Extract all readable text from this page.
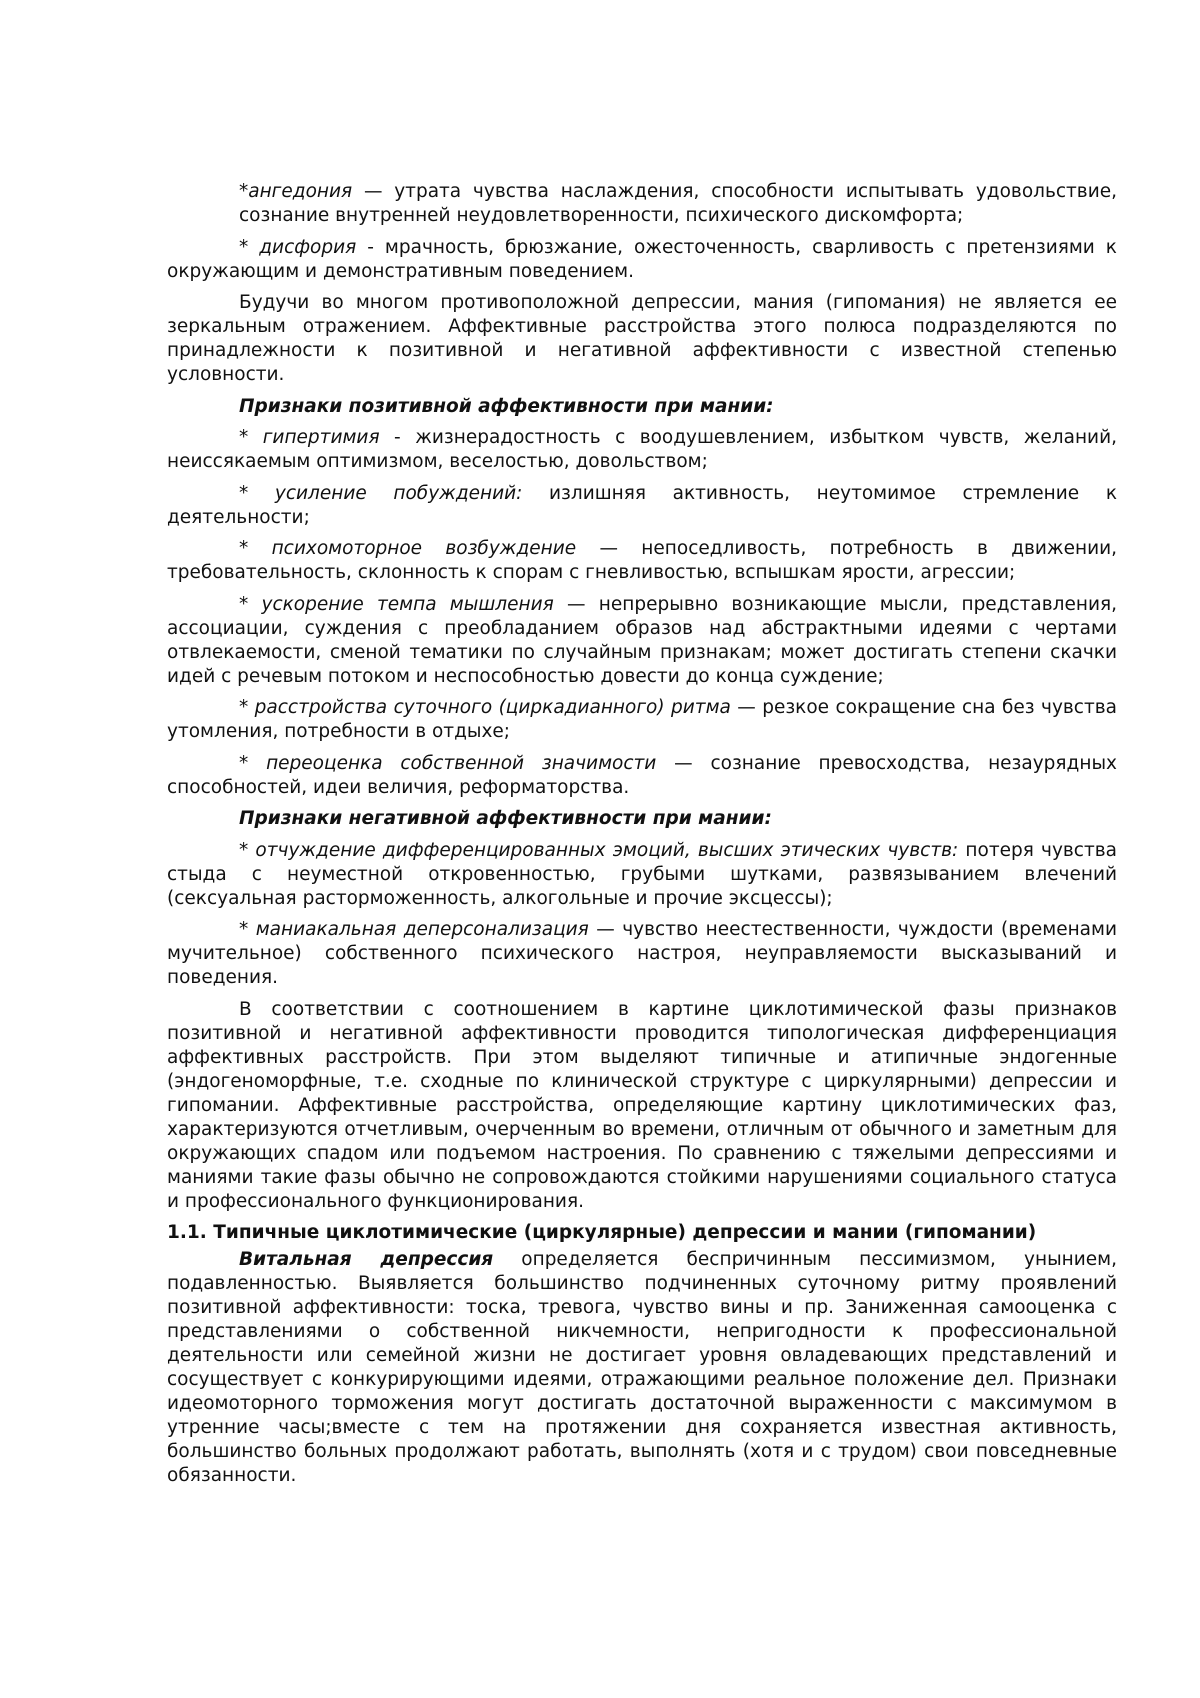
*ангедония — утрата чувства наслаждения, способности испытывать удовольствие, сознание внутренней неудовлетворенности, психического дискомфорта;

* дисфория - мрачность, брюзжание, ожесточенность, сварливость с претензиями к окружающим и демонстративным поведением.

Будучи во многом противоположной депрессии, мания (гипомания) не является ее зеркальным отражением. Аффективные расстройства этого полюса подразделяются по принадлежности к позитивной и негативной аффективности с известной степенью условности.

Признаки позитивной аффективности при мании:

* гипертимия - жизнерадостность с воодушевлением, избытком чувств, желаний, неиссякаемым оптимизмом, веселостью, довольством;

* усиление побуждений: излишняя активность, неутомимое стремление к деятельности;

* психомоторное возбуждение — непоседливость, потребность в движении, требовательность, склонность к спорам с гневливостью, вспышкам ярости, агрессии;

* ускорение темпа мышления — непрерывно возникающие мысли, представления, ассоциации, суждения с преобладанием образов над абстрактными идеями с чертами отвлекаемости, сменой тематики по случайным признакам; может достигать степени скачки идей с речевым потоком и неспособностью довести до конца суждение;

* расстройства суточного (циркадианного) ритма — резкое сокращение сна без чувства утомления, потребности в отдыхе;

* переоценка собственной значимости — сознание превосходства, незаурядных способностей, идеи величия, реформаторства.

Признаки негативной аффективности при мании:

* отчуждение дифференцированных эмоций, высших этических чувств: потеря чувства стыда с неуместной откровенностью, грубыми шутками, развязыванием влечений (сексуальная расторможенность, алкогольные и прочие эксцессы);

* маниакальная деперсонализация — чувство неестественности, чуждости (временами мучительное) собственного психического настроя, неуправляемости высказываний и поведения.

В соответствии с соотношением в картине циклотимической фазы признаков позитивной и негативной аффективности проводится типологическая дифференциация аффективных расстройств. При этом выделяют типичные и атипичные эндогенные (эндогеноморфные, т.е. сходные по клинической структуре с циркулярными) депрессии и гипомании. Аффективные расстройства, определяющие картину циклотимических фаз, характеризуются отчетливым, очерченным во времени, отличным от обычного и заметным для окружающих спадом или подъемом настроения. По сравнению с тяжелыми депрессиями и маниями такие фазы обычно не сопровождаются стойкими нарушениями социального статуса и профессионального функционирования.

1.1. Типичные циклотимические (циркулярные) депрессии и мании (гипомании)

Витальная депрессия определяется беспричинным пессимизмом, унынием, подавленностью. Выявляется большинство подчиненных суточному ритму проявлений позитивной аффективности: тоска, тревога, чувство вины и пр. Заниженная самооценка с представлениями о собственной никчемности, непригодности к профессиональной деятельности или семейной жизни не достигает уровня овладевающих представлений и сосуществует с конкурирующими идеями, отражающими реальное положение дел. Признаки идеомоторного торможения могут достигать достаточной выраженности с максимумом в утренние часы;вместе с тем на протяжении дня сохраняется известная активность, большинство больных продолжают работать, выполнять (хотя и с трудом) свои повседневные обязанности.
